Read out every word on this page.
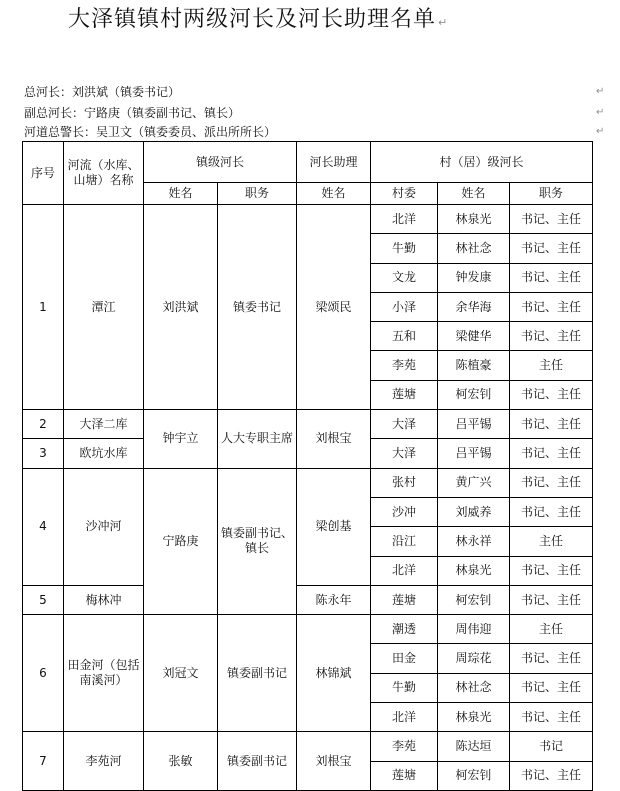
大泽镇镇村两级河长及河长助理名单 ↵
总河长：刘洪斌（镇委书记）
副总河长：宁路庚（镇委副书记、镇长）
河道总警长：吴卫文（镇委委员、派出所所长）
↵
↵
↵
序号	河流（水库、山塘）名称	镇级河长		河长助理	村（居）级河长		
		姓名	职务	姓名	村委	姓名	职务
1	潭江	刘洪斌	镇委书记	梁颂民	北洋	林泉光	书记、主任
					牛勤	林社念	书记、主任
					文龙	钟发康	书记、主任
					小泽	余华海	书记、主任
					五和	梁健华	书记、主任
					李苑	陈植豪	主任
					莲塘	柯宏钊	书记、主任
2	大泽二库	钟宇立	人大专职主席	刘根宝	大泽	吕平锡	书记、主任
3	欧坑水库				大泽	吕平锡	书记、主任
4	沙冲河	宁路庚	镇委副书记、镇长	梁创基	张村	黄广兴	书记、主任
					沙冲	刘威养	书记、主任
					沿江	林永祥	主任
					北洋	林泉光	书记、主任
5	梅林冲			陈永年	莲塘	柯宏钊	书记、主任
6	田金河（包括南溪河）	刘冠文	镇委副书记	林锦斌	潮透	周伟迎	主任
					田金	周琮花	书记、主任
					牛勤	林社念	书记、主任
					北洋	林泉光	书记、主任
7	李苑河	张敏	镇委副书记	刘根宝	李苑	陈达垣	书记
					莲塘	柯宏钊	书记、主任
